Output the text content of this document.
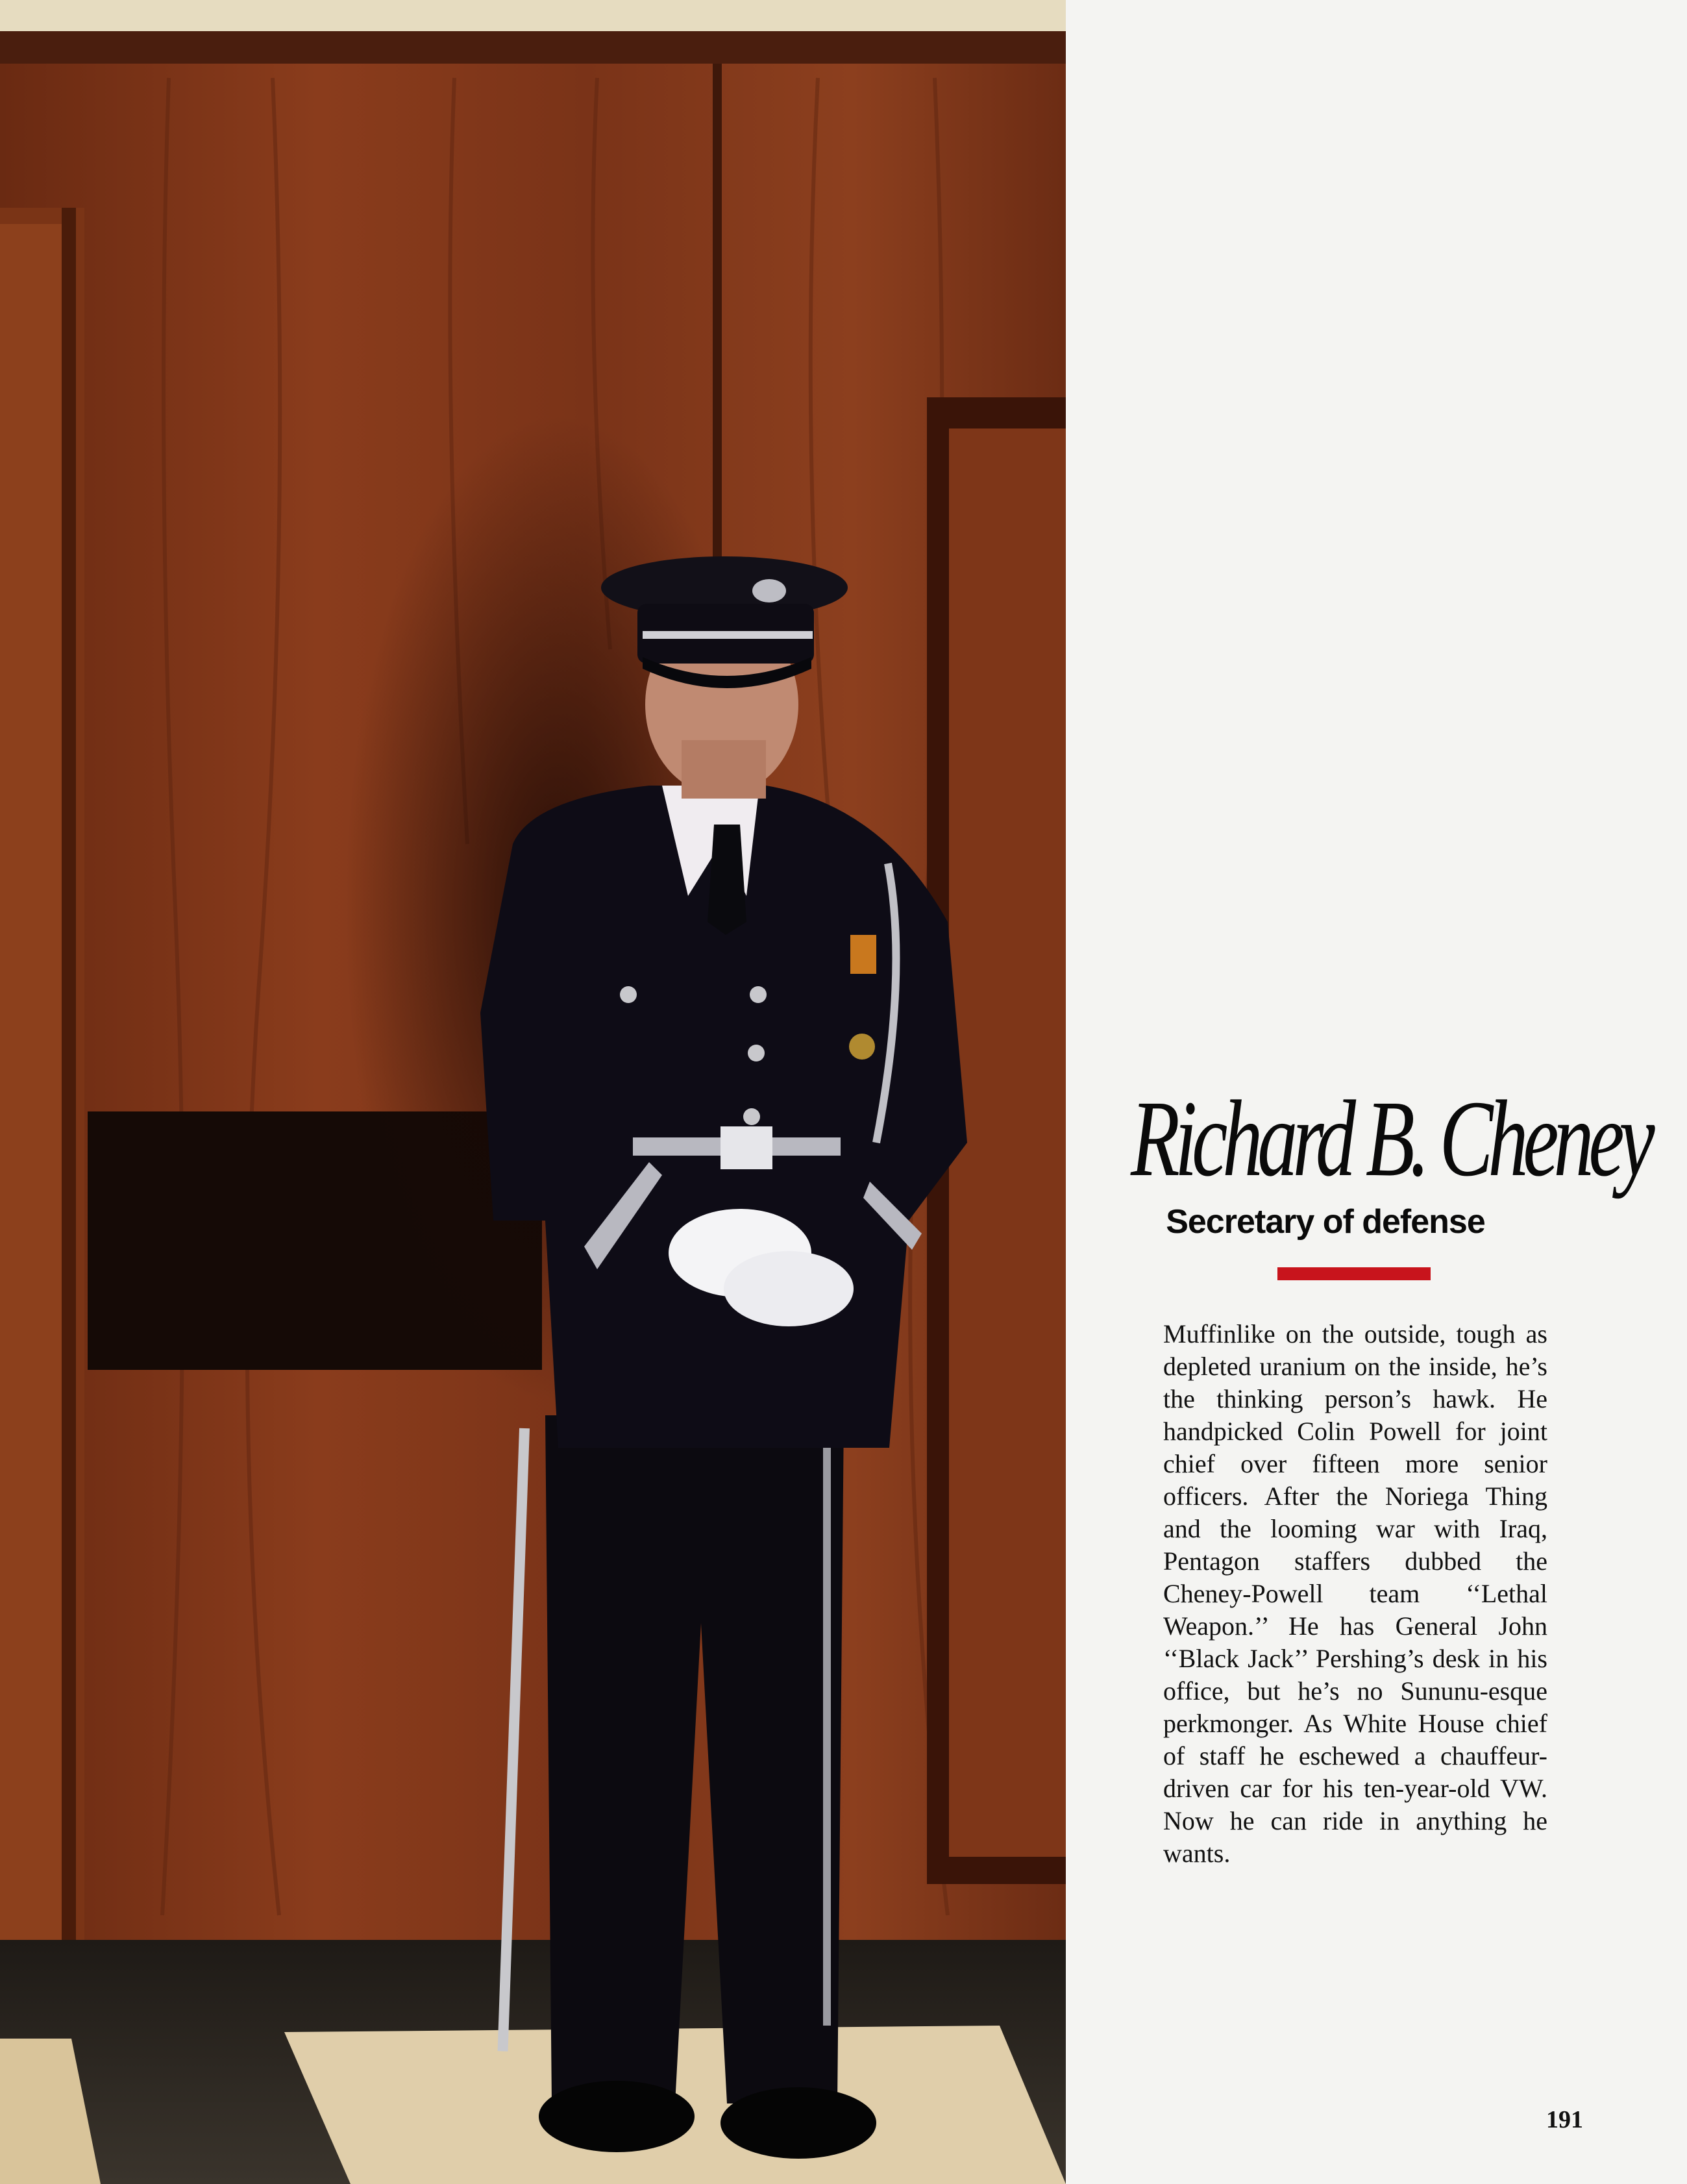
Richard B. Cheney
Secretary of defense

Muffinlike on the outside, tough as depleted uranium on the inside, he’s the thinking person’s hawk. He handpicked Colin Powell for joint chief over fifteen more senior officers. After the Noriega Thing and the looming war with Iraq, Pentagon staffers dubbed the Cheney-Powell team ‘‘Lethal Weapon.’’ He has General John ‘‘Black Jack’’ Pershing’s desk in his office, but he’s no Sununu-esque perkmonger. As White House chief of staff he eschewed a chauffeur-driven car for his ten-year-old VW. Now he can ride in anything he wants.

191
